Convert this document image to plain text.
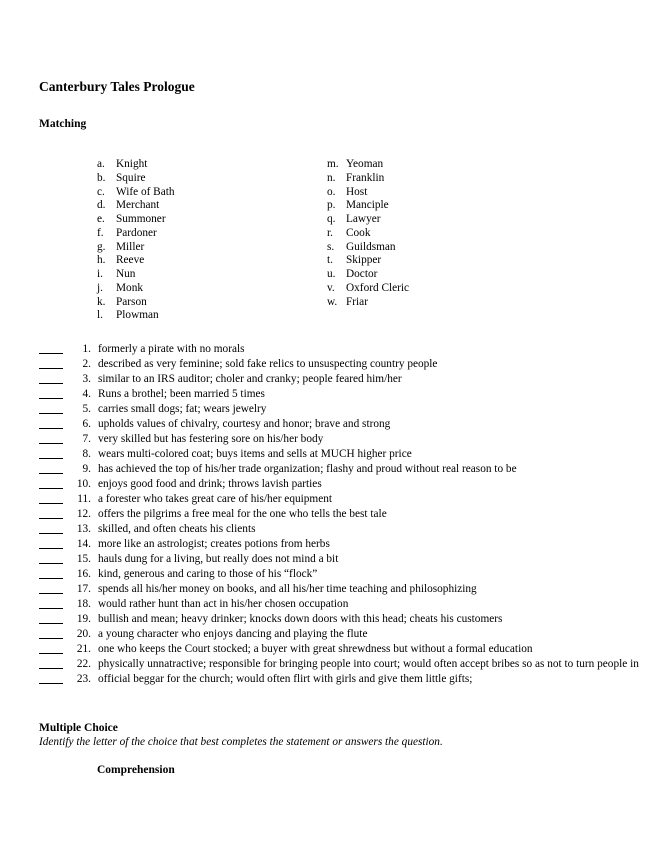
Canterbury Tales Prologue
Matching
a. Knight
b. Squire
c. Wife of Bath
d. Merchant
e. Summoner
f. Pardoner
g. Miller
h. Reeve
i. Nun
j. Monk
k. Parson
l. Plowman
m. Yeoman
n. Franklin
o. Host
p. Manciple
q. Lawyer
r. Cook
s. Guildsman
t. Skipper
u. Doctor
v. Oxford Cleric
w. Friar
1. formerly a pirate with no morals
2. described as very feminine; sold fake relics to unsuspecting country people
3. similar to an IRS auditor; choler and cranky; people feared him/her
4. Runs a brothel; been married 5 times
5. carries small dogs; fat; wears jewelry
6. upholds values of chivalry, courtesy and honor; brave and strong
7. very skilled but has festering sore on his/her body
8. wears multi-colored coat; buys items and sells at MUCH higher price
9. has achieved the top of his/her trade organization; flashy and proud without real reason to be
10. enjoys good food and drink; throws lavish parties
11. a forester who takes great care of his/her equipment
12. offers the pilgrims a free meal for the one who tells the best tale
13. skilled, and often cheats his clients
14. more like an astrologist; creates potions from herbs
15. hauls dung for a living, but really does not mind a bit
16. kind, generous and caring to those of his “flock”
17. spends all his/her money on books, and all his/her time teaching and philosophizing
18. would rather hunt than act in his/her chosen occupation
19. bullish and mean; heavy drinker; knocks down doors with this head; cheats his customers
20. a young character who enjoys dancing and playing the flute
21. one who keeps the Court stocked; a buyer with great shrewdness but without a formal education
22. physically unnatractive; responsible for bringing people into court; would often accept bribes so as not to turn people in
23. official beggar for the church; would often flirt with girls and give them little gifts;
Multiple Choice
Identify the letter of the choice that best completes the statement or answers the question.
Comprehension
